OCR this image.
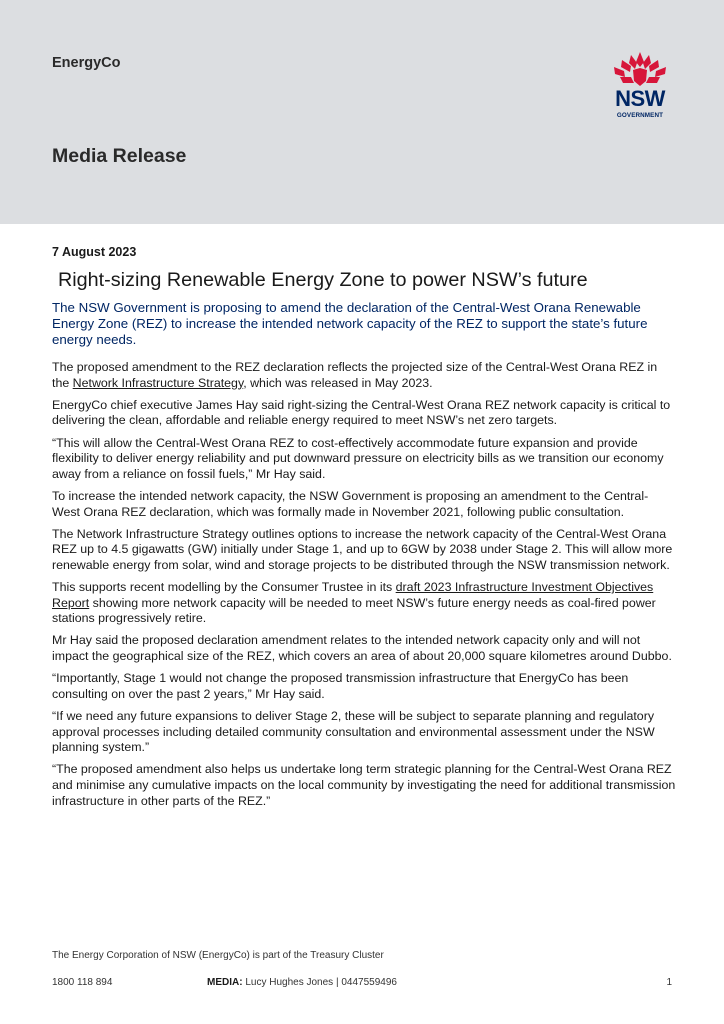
EnergyCo
Media Release
NSW
GOVERNMENT
7 August 2023
Right-sizing Renewable Energy Zone to power NSW’s future
The NSW Government is proposing to amend the declaration of the Central-West Orana Renewable Energy Zone (REZ) to increase the intended network capacity of the REZ to support the state’s future energy needs.

The proposed amendment to the REZ declaration reflects the projected size of the Central-West Orana REZ in the Network Infrastructure Strategy, which was released in May 2023.

EnergyCo chief executive James Hay said right-sizing the Central-West Orana REZ network capacity is critical to delivering the clean, affordable and reliable energy required to meet NSW’s net zero targets.

“This will allow the Central-West Orana REZ to cost-effectively accommodate future expansion and provide flexibility to deliver energy reliability and put downward pressure on electricity bills as we transition our economy away from a reliance on fossil fuels,” Mr Hay said.

To increase the intended network capacity, the NSW Government is proposing an amendment to the Central-West Orana REZ declaration, which was formally made in November 2021, following public consultation.

The Network Infrastructure Strategy outlines options to increase the network capacity of the Central-West Orana REZ up to 4.5 gigawatts (GW) initially under Stage 1, and up to 6GW by 2038 under Stage 2. This will allow more renewable energy from solar, wind and storage projects to be distributed through the NSW transmission network.

This supports recent modelling by the Consumer Trustee in its draft 2023 Infrastructure Investment Objectives Report showing more network capacity will be needed to meet NSW’s future energy needs as coal-fired power stations progressively retire.

Mr Hay said the proposed declaration amendment relates to the intended network capacity only and will not impact the geographical size of the REZ, which covers an area of about 20,000 square kilometres around Dubbo.

“Importantly, Stage 1 would not change the proposed transmission infrastructure that EnergyCo has been consulting on over the past 2 years,” Mr Hay said.

“If we need any future expansions to deliver Stage 2, these will be subject to separate planning and regulatory approval processes including detailed community consultation and environmental assessment under the NSW planning system.”

“The proposed amendment also helps us undertake long term strategic planning for the Central-West Orana REZ and minimise any cumulative impacts on the local community by investigating the need for additional transmission infrastructure in other parts of the REZ.”

The Energy Corporation of NSW (EnergyCo) is part of the Treasury Cluster
1800 118 894	MEDIA: Lucy Hughes Jones | 0447559496	1
